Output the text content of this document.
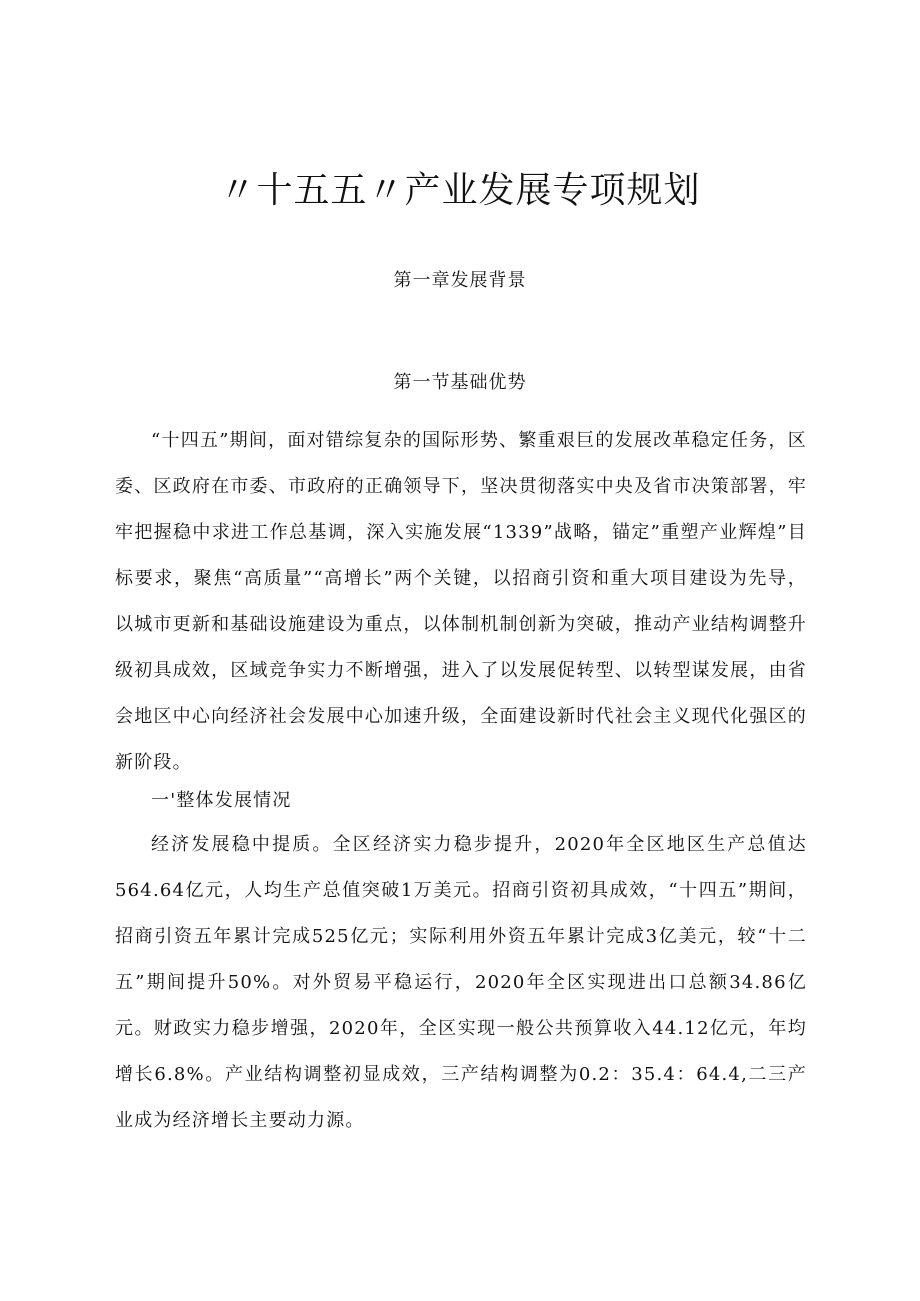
〃十五五〃产业发展专项规划
第一章发展背景
第一节基础优势

“十四五”期间，面对错综复杂的国际形势、繁重艰巨的发展改革稳定任务，区委、区政府在市委、市政府的正确领导下，坚决贯彻落实中央及省市决策部署，牢牢把握稳中求进工作总基调，深入实施发展“1339”战略，锚定”重塑产业辉煌”目标要求，聚焦“高质量”“高增长”两个关键，以招商引资和重大项目建设为先导，以城市更新和基础设施建设为重点，以体制机制创新为突破，推动产业结构调整升级初具成效，区域竞争实力不断增强，进入了以发展促转型、以转型谋发展，由省会地区中心向经济社会发展中心加速升级，全面建设新时代社会主义现代化强区的新阶段。

一'整体发展情况

经济发展稳中提质。全区经济实力稳步提升，2020年全区地区生产总值达564.64亿元，人均生产总值突破1万美元。招商引资初具成效，“十四五”期间，招商引资五年累计完成525亿元；实际利用外资五年累计完成3亿美元，较“十二五”期间提升50%。对外贸易平稳运行，2020年全区实现进出口总额34.86亿元。财政实力稳步增强，2020年，全区实现一般公共预算收入44.12亿元，年均增长6.8%。产业结构调整初显成效，三产结构调整为0.2：35.4：64.4,二三产业成为经济增长主要动力源。
